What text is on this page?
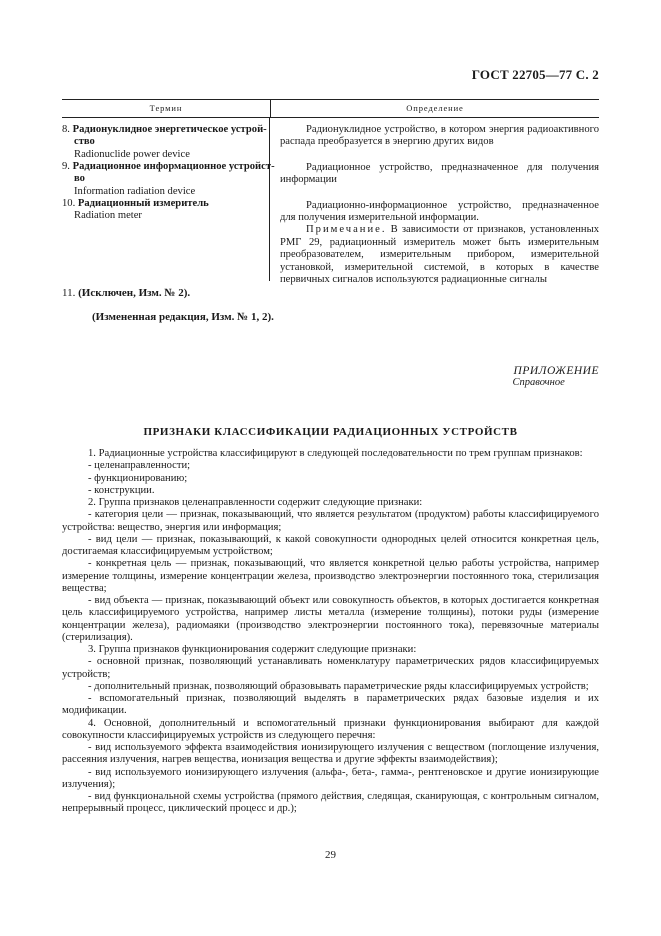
ГОСТ 22705—77 С. 2
Термин	Определение
8. Радионуклидное энергетическое устрой-
ство
Radionuclide power device
9. Радиационное информационное устройст-
во
Information radiation device
10. Радиационный измеритель
Radiation meter

Радионуклидное устройство, в котором энергия радиоактивного распада преобразуется в энергию других видов

Радиационное устройство, предназначенное для получения информации

Радиационно-информационное устройство, предназначенное для получения измерительной информации.

Примечание. В зависимости от признаков, установленных РМГ 29, радиационный измеритель может быть измерительным преобразователем, измерительным прибором, измерительной установкой, измерительной системой, в которых в качестве первичных сигналов используются радиационные сигналы

11. (Исключен, Изм. № 2).
(Измененная редакция, Изм. № 1, 2).
ПРИЛОЖЕНИЕ
Справочное
ПРИЗНАКИ КЛАССИФИКАЦИИ РАДИАЦИОННЫХ УСТРОЙСТВ

1. Радиационные устройства классифицируют в следующей последовательности по трем группам признаков:

- целенаправленности;

- функционированию;

- конструкции.

2. Группа признаков целенаправленности содержит следующие признаки:

- категория цели — признак, показывающий, что является результатом (продуктом) работы классифицируемого устройства: вещество, энергия или информация;

- вид цели — признак, показывающий, к какой совокупности однородных целей относится конкретная цель, достигаемая классифицируемым устройством;

- конкретная цель — признак, показывающий, что является конкретной целью работы устройства, например измерение толщины, измерение концентрации железа, производство электроэнергии постоянного тока, стерилизация вещества;

- вид объекта — признак, показывающий объект или совокупность объектов, в которых достигается конкретная цель классифицируемого устройства, например листы металла (измерение толщины), потоки руды (измерение концентрации железа), радиомаяки (производство электроэнергии постоянного тока), перевязочные материалы (стерилизация).

3. Группа признаков функционирования содержит следующие признаки:

- основной признак, позволяющий устанавливать номенклатуру параметрических рядов классифицируемых устройств;

- дополнительный признак, позволяющий образовывать параметрические ряды классифицируемых устройств;

- вспомогательный признак, позволяющий выделять в параметрических рядах базовые изделия и их модификации.

4. Основной, дополнительный и вспомогательный признаки функционирования выбирают для каждой совокупности классифицируемых устройств из следующего перечня:

- вид используемого эффекта взаимодействия ионизирующего излучения с веществом (поглощение излучения, рассеяния излучения, нагрев вещества, ионизация вещества и другие эффекты взаимодействия);

- вид используемого ионизирующего излучения (альфа-, бета-, гамма-, рентгеновское и другие ионизирующие излучения);

- вид функциональной схемы устройства (прямого действия, следящая, сканирующая, с контрольным сигналом, непрерывный процесс, циклический процесс и др.);

29
